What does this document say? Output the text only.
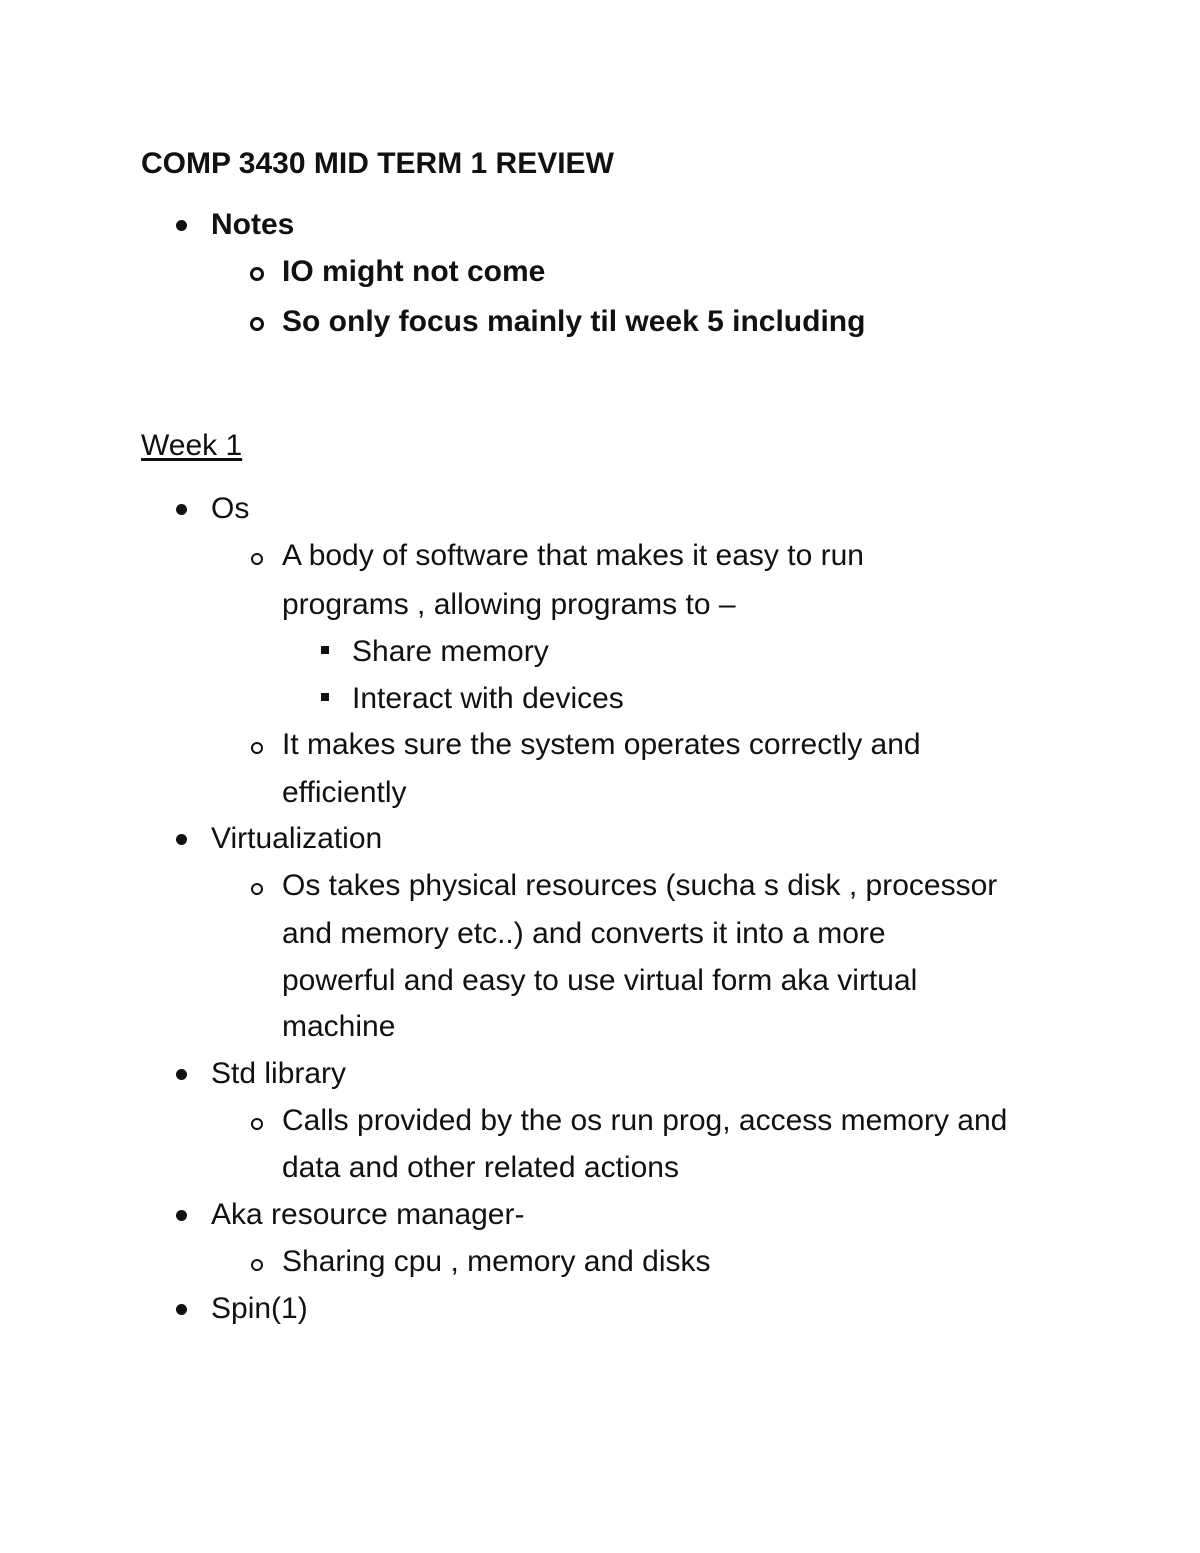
COMP 3430 MID TERM 1 REVIEW
Notes
IO might not come
So only focus mainly til week 5 including
Week 1
Os
A body of software that makes it easy to run
programs , allowing programs to –
Share memory
Interact with devices
It makes sure the system operates correctly and
efficiently
Virtualization
Os takes physical resources (sucha s disk , processor
and memory etc..) and converts it into a more
powerful and easy to use virtual form aka virtual
machine
Std library
Calls provided by the os run prog, access memory and
data and other related actions
Aka resource manager-
Sharing cpu , memory and disks
Spin(1)
